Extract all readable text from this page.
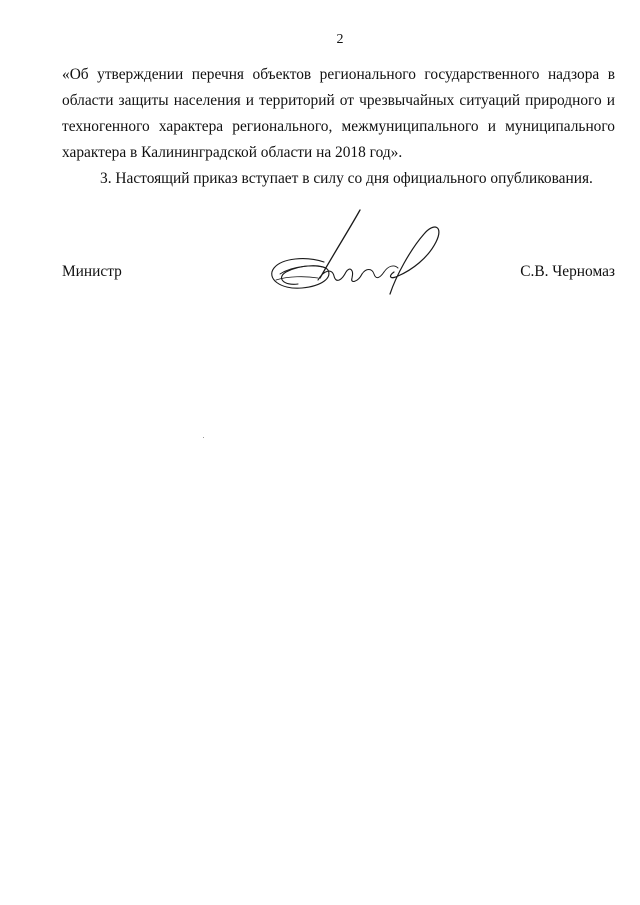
2

«Об утверждении перечня объектов регионального государственного надзора в
области защиты населения и территорий от чрезвычайных ситуаций природного и
техногенного характера регионального, межмуниципального и муниципального
характера в Калининградской области на 2018 год».

3. Настоящий приказ вступает в силу со дня официального опубликования.

Министр	С.В. Черномаз
